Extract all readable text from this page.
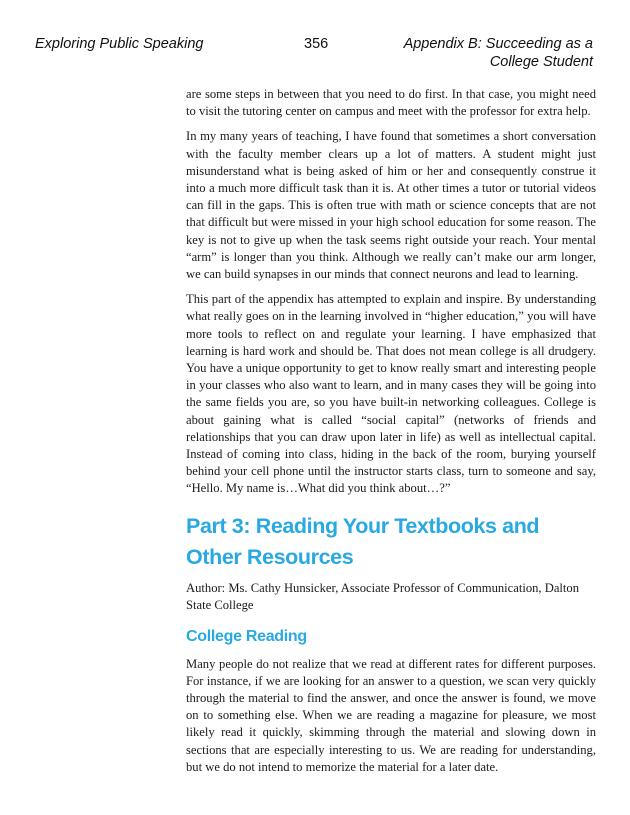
Exploring Public Speaking	356	Appendix B: Succeeding as a College Student

are some steps in between that you need to do first. In that case, you might need to visit the tutoring center on campus and meet with the professor for extra help.

In my many years of teaching, I have found that sometimes a short conversation with the faculty member clears up a lot of matters. A student might just misunderstand what is being asked of him or her and consequently construe it into a much more difficult task than it is. At other times a tutor or tutorial videos can fill in the gaps. This is often true with math or science concepts that are not that difficult but were missed in your high school education for some reason. The key is not to give up when the task seems right outside your reach. Your mental “arm” is longer than you think. Although we really can’t make our arm longer, we can build synapses in our minds that connect neurons and lead to learning.

This part of the appendix has attempted to explain and inspire. By understanding what really goes on in the learning involved in “higher education,” you will have more tools to reflect on and regulate your learning. I have emphasized that learning is hard work and should be. That does not mean college is all drudgery. You have a unique opportunity to get to know really smart and interesting people in your classes who also want to learn, and in many cases they will be going into the same fields you are, so you have built-in networking colleagues. College is about gaining what is called “social capital” (networks of friends and relationships that you can draw upon later in life) as well as intellectual capital. Instead of coming into class, hiding in the back of the room, burying yourself behind your cell phone until the instructor starts class, turn to someone and say, “Hello. My name is…What did you think about…?”

Part 3: Reading Your Textbooks and Other Resources

Author: Ms. Cathy Hunsicker, Associate Professor of Communication, Dalton State College

College Reading

Many people do not realize that we read at different rates for different purposes. For instance, if we are looking for an answer to a question, we scan very quickly through the material to find the answer, and once the answer is found, we move on to something else. When we are reading a magazine for pleasure, we most likely read it quickly, skimming through the material and slowing down in sections that are especially interesting to us. We are reading for understanding, but we do not intend to memorize the material for a later date.
